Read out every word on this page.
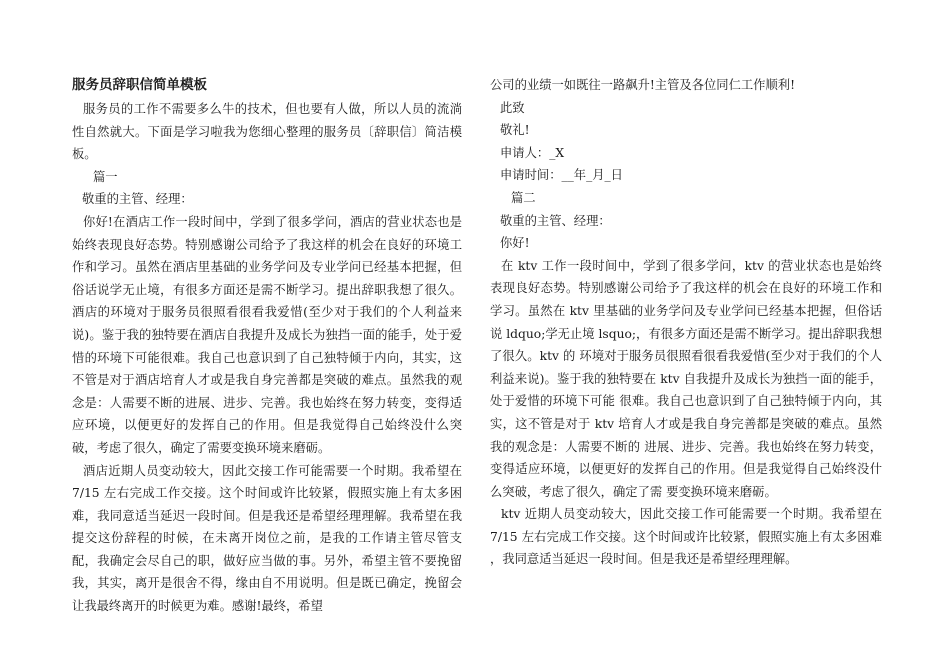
服务员辞职信简单模板

服务员的工作不需要多么牛的技术，但也要有人做，所以人员的流淌性自然就大。下面是学习啦我为您细心整理的服务员〔辞职信〕简洁模板。

篇一

敬重的主管、经理：

你好!在酒店工作一段时间中，学到了很多学问，酒店的营业状态也是始终表现良好态势。特别感谢公司给予了我这样的机会在良好的环境工作和学习。虽然在酒店里基础的业务学问及专业学问已经基本把握，但俗话说学无止境，有很多方面还是需不断学习。提出辞职我想了很久。酒店的环境对于服务员很照看很看我爱惜(至少对于我们的个人利益来说)。鉴于我的独特要在酒店自我提升及成长为独挡一面的能手，处于爱惜的环境下可能很难。我自己也意识到了自己独特倾于内向，其实，这不管是对于酒店培育人才或是我自身完善都是突破的难点。虽然我的观念是：人需要不断的进展、进步、完善。我也始终在努力转变，变得适应环境，以便更好的发挥自己的作用。但是我觉得自己始终没什么突破，考虑了很久，确定了需要变换环境来磨砺。

酒店近期人员变动较大，因此交接工作可能需要一个时期。我希望在 7/15 左右完成工作交接。这个时间或许比较紧，假照实施上有太多困难，我同意适当延迟一段时间。但是我还是希望经理理解。我希望在我提交这份辞程的时候，在未离开岗位之前，是我的工作请主管尽管支配，我确定会尽自己的职，做好应当做的事。另外，希望主管不要挽留我，其实，离开是很舍不得，缘由自不用说明。但是既已确定，挽留会让我最终离开的时候更为难。感谢!最终，希望

公司的业绩一如既往一路飙升!主管及各位同仁工作顺利!

此致

敬礼!

申请人：_X

申请时间：__年_月_日

篇二

敬重的主管、经理：

你好!

在 ktv 工作一段时间中，学到了很多学问，ktv 的营业状态也是始终表现良好态势。特别感谢公司给予了我这样的机会在良好的环境工作和 学习。虽然在 ktv 里基础的业务学问及专业学问已经基本把握，但俗话说 ldquo;学无止境 lsquo;，有很多方面还是需不断学习。提出辞职我想了很久。ktv 的 环境对于服务员很照看很看我爱惜(至少对于我们的个人利益来说)。鉴于我的独特要在 ktv 自我提升及成长为独挡一面的能手，处于爱惜的环境下可能 很难。我自己也意识到了自己独特倾于内向，其实，这不管是对于 ktv 培育人才或是我自身完善都是突破的难点。虽然我的观念是：人需要不断的 进展、进步、完善。我也始终在努力转变，变得适应环境，以便更好的发挥自己的作用。但是我觉得自己始终没什么突破，考虑了很久，确定了需 要变换环境来磨砺。

ktv 近期人员变动较大，因此交接工作可能需要一个时期。我希望在 7/15 左右完成工作交接。这个时间或许比较紧，假照实施上有太多困难 ，我同意适当延迟一段时间。但是我还是希望经理理解。
